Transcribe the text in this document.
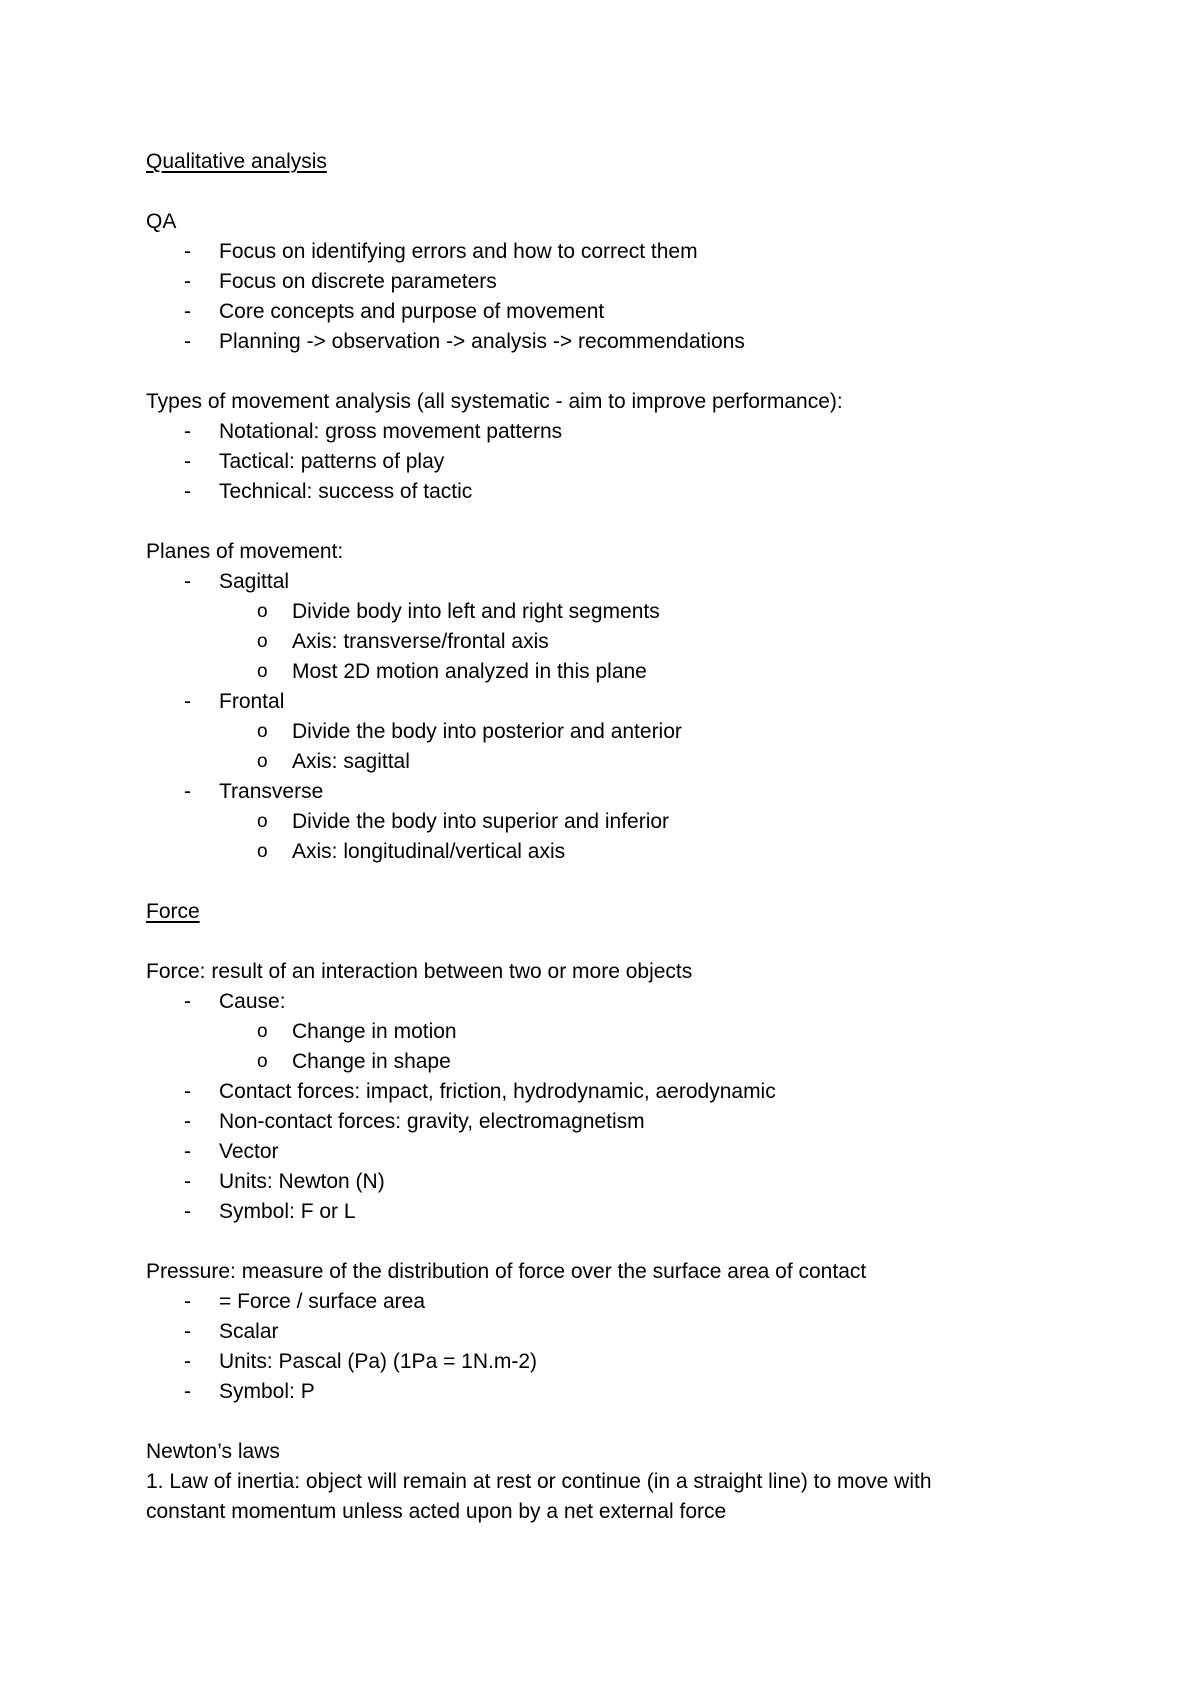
Qualitative analysis
QA
- Focus on identifying errors and how to correct them
- Focus on discrete parameters
- Core concepts and purpose of movement
- Planning -> observation -> analysis -> recommendations
Types of movement analysis (all systematic - aim to improve performance):
- Notational: gross movement patterns
- Tactical: patterns of play
- Technical: success of tactic
Planes of movement:
- Sagittal
o Divide body into left and right segments
o Axis: transverse/frontal axis
o Most 2D motion analyzed in this plane
- Frontal
o Divide the body into posterior and anterior
o Axis: sagittal
- Transverse
o Divide the body into superior and inferior
o Axis: longitudinal/vertical axis
Force
Force: result of an interaction between two or more objects
- Cause:
o Change in motion
o Change in shape
- Contact forces: impact, friction, hydrodynamic, aerodynamic
- Non-contact forces: gravity, electromagnetism
- Vector
- Units: Newton (N)
- Symbol: F or L
Pressure: measure of the distribution of force over the surface area of contact
- = Force / surface area
- Scalar
- Units: Pascal (Pa) (1Pa = 1N.m-2)
- Symbol: P
Newton’s laws
1. Law of inertia: object will remain at rest or continue (in a straight line) to move with
constant momentum unless acted upon by a net external force
